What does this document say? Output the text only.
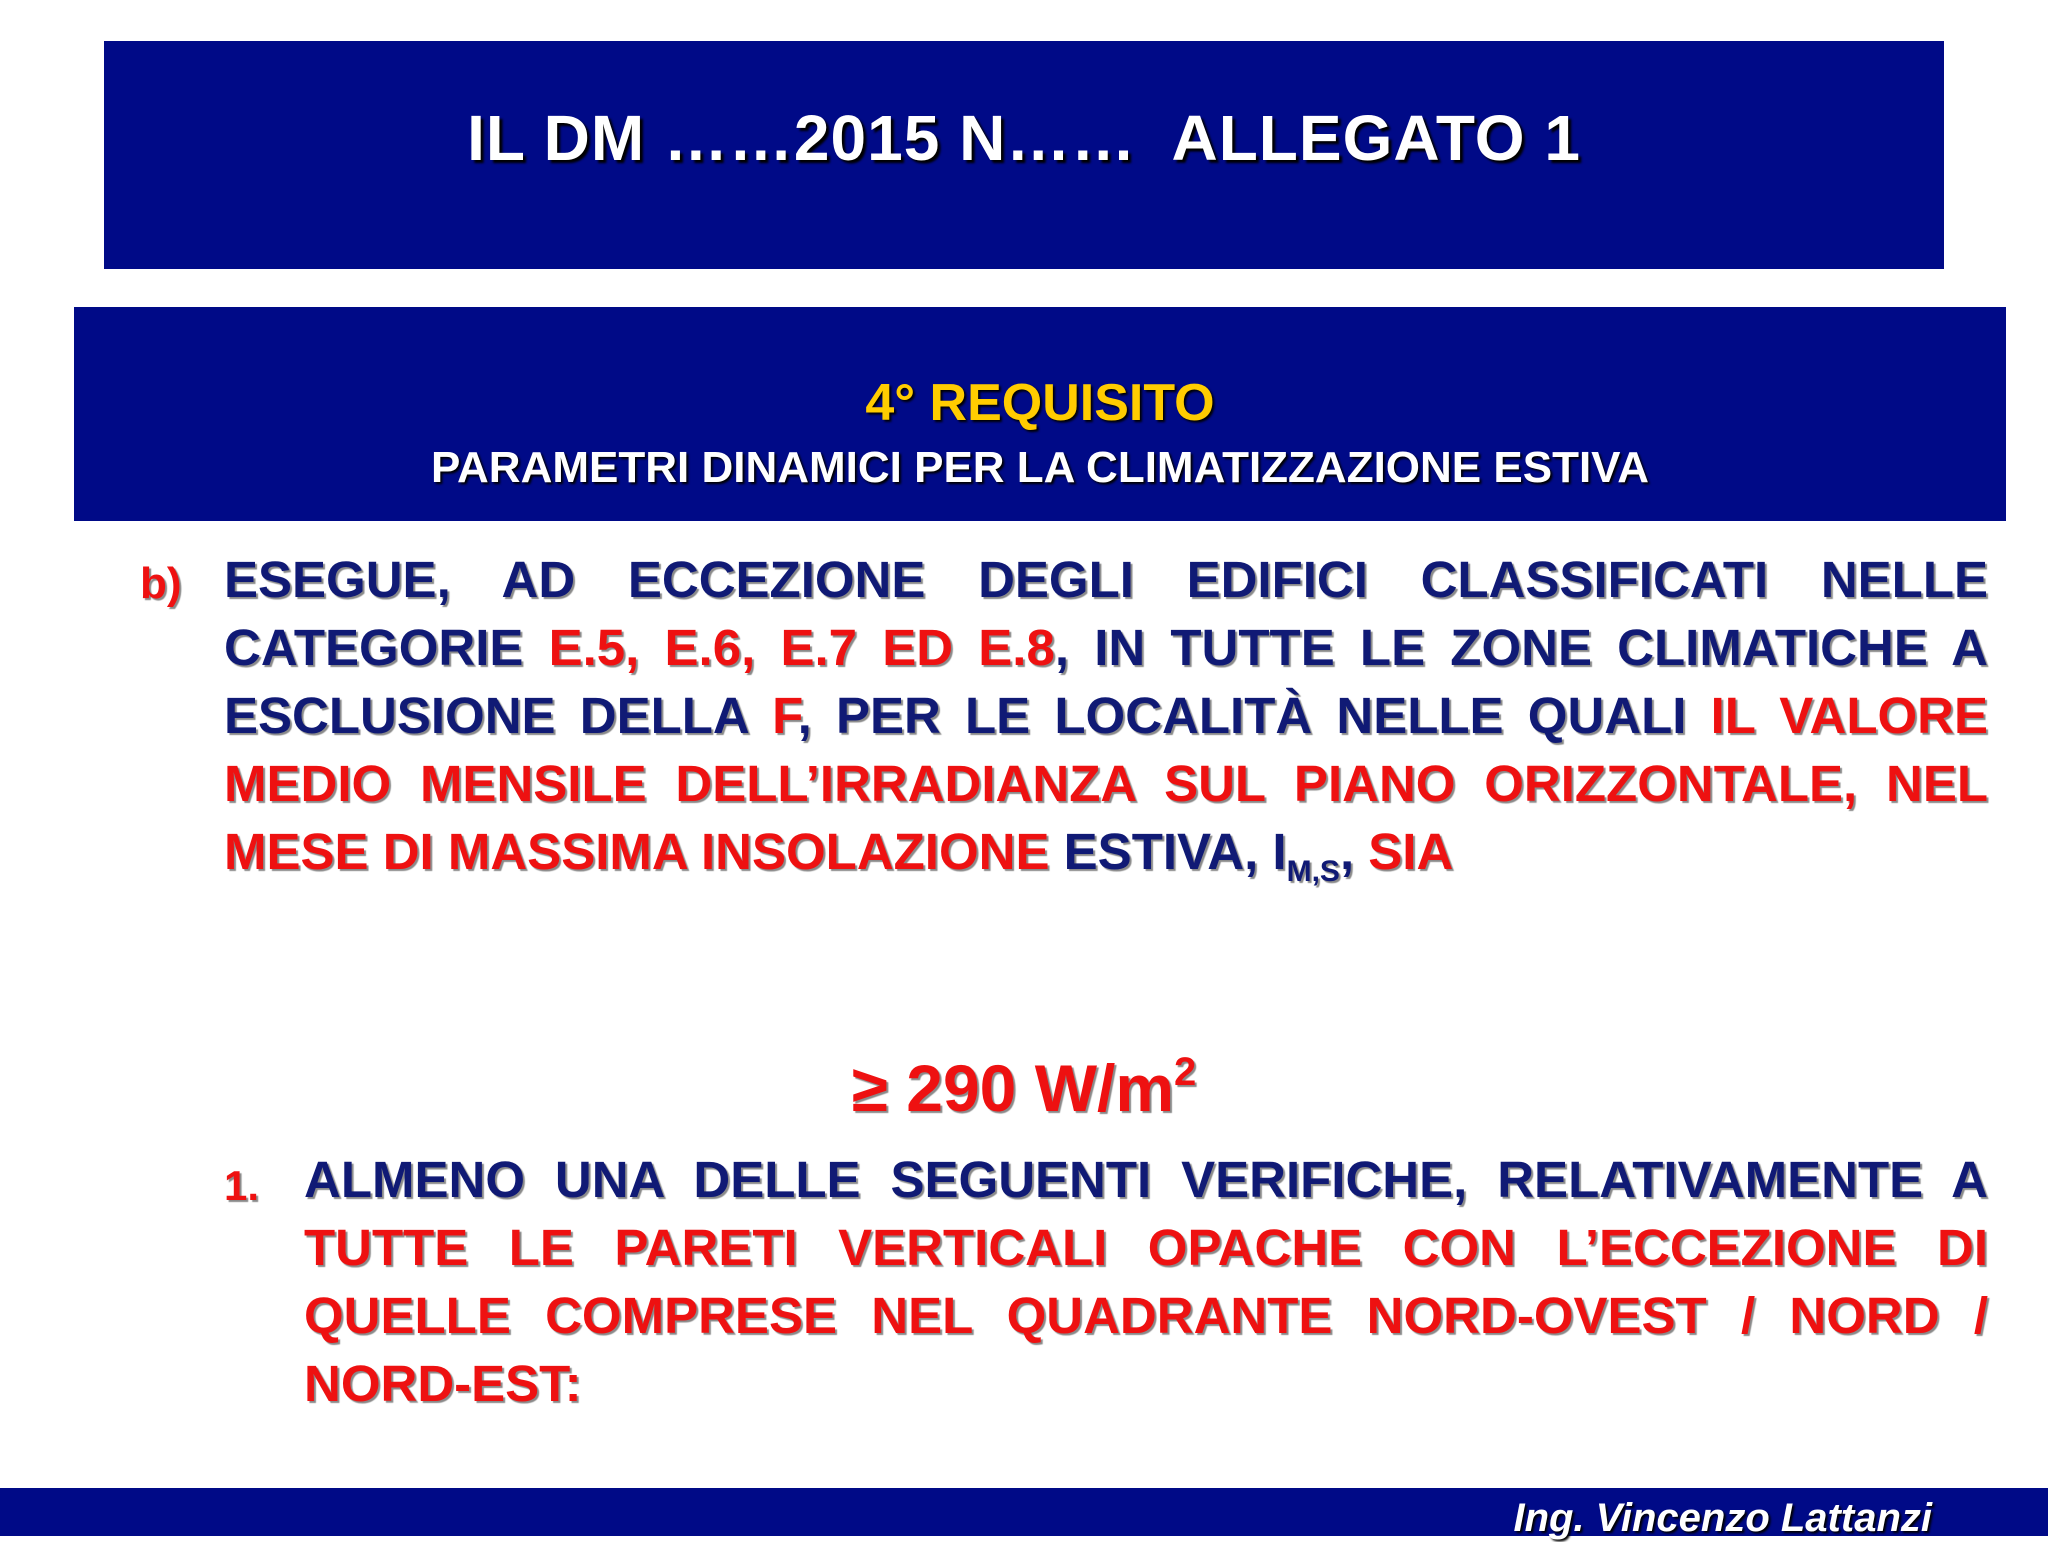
IL DM ……2015 N……  ALLEGATO 1
4° REQUISITO
PARAMETRI DINAMICI PER LA CLIMATIZZAZIONE ESTIVA
b) ESEGUE, AD ECCEZIONE DEGLI EDIFICI CLASSIFICATI NELLE CATEGORIE E.5, E.6, E.7 ED E.8, IN TUTTE LE ZONE CLIMATICHE A ESCLUSIONE DELLA F, PER LE LOCALITÀ NELLE QUALI IL VALORE MEDIO MENSILE DELL’IRRADIANZA SUL PIANO ORIZZONTALE, NEL MESE DI MASSIMA INSOLAZIONE ESTIVA, $I_{M,S}$, SIA
≥ 290 $W/m^2$
1. ALMENO UNA DELLE SEGUENTI VERIFICHE, RELATIVAMENTE A TUTTE LE PARETI VERTICALI OPACHE CON L’ECCEZIONE DI QUELLE COMPRESE NEL QUADRANTE NORD-OVEST / NORD / NORD-EST:
Ing. Vincenzo Lattanzi
